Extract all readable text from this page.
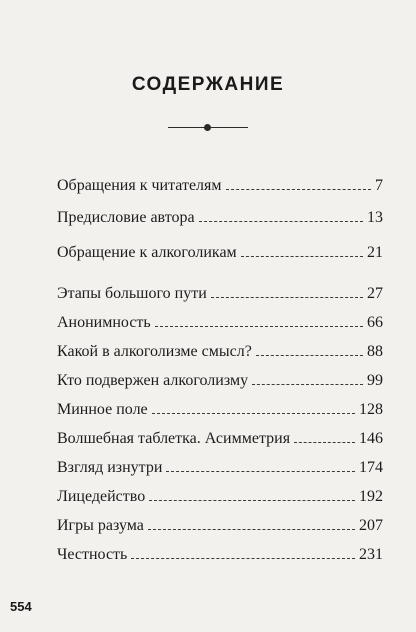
СОДЕРЖАНИЕ
Обращения к читателям	7
Предисловие автора	13
Обращение к алкоголикам	21
Этапы большого пути	27
Анонимность	66
Какой в алкоголизме смысл?	88
Кто подвержен алкоголизму	99
Минное поле	128
Волшебная таблетка. Асимметрия	146
Взгляд изнутри	174
Лицедейство	192
Игры разума	207
Честность	231
554
